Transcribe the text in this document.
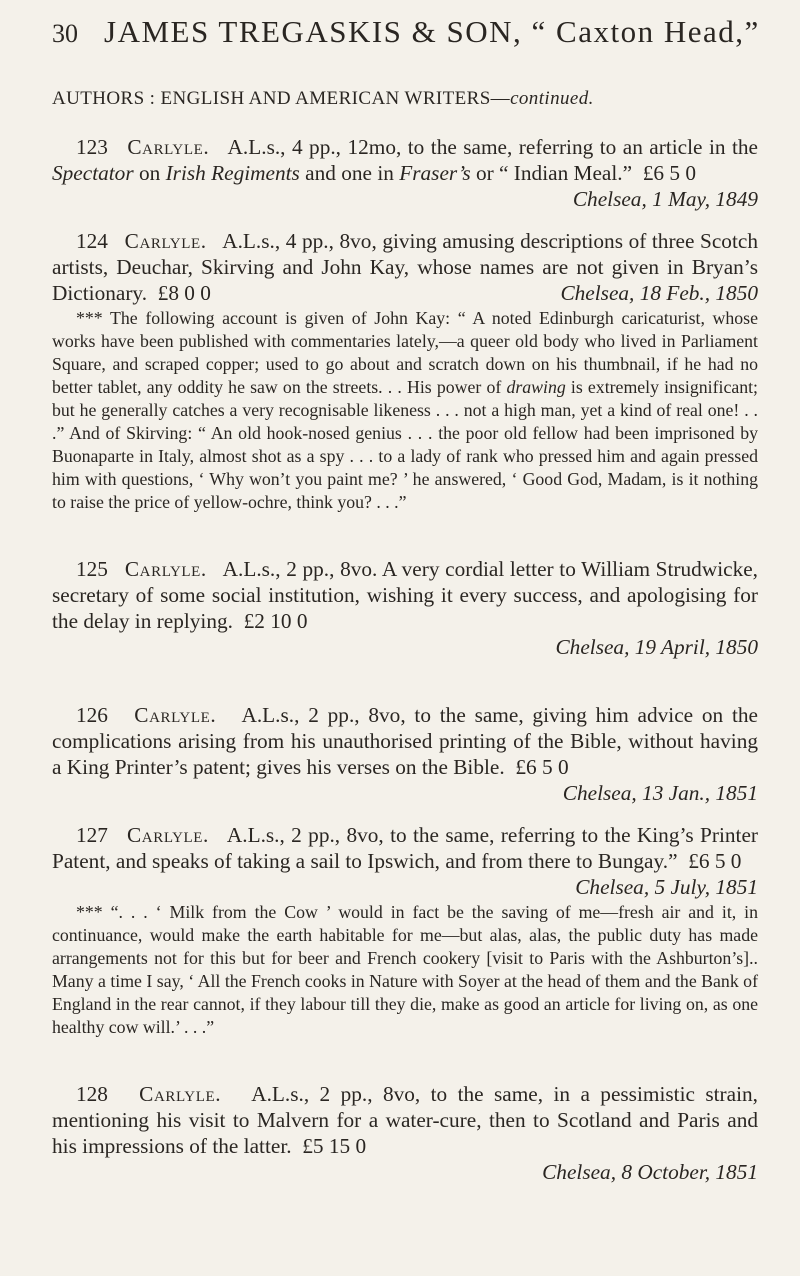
30 JAMES TREGASKIS & SON, “ Caxton Head,”
AUTHORS : ENGLISH AND AMERICAN WRITERS—continued.
123 Carlyle. A.L.s., 4 pp., 12mo, to the same, referring to an article in the Spectator on Irish Regiments and one in Fraser’s or “ Indian Meal.” £6 5 0
Chelsea, 1 May, 1849
124 Carlyle. A.L.s., 4 pp., 8vo, giving amusing descriptions of three Scotch artists, Deuchar, Skirving and John Kay, whose names are not given in Bryan’s Dictionary. £8 0 0	Chelsea, 18 Feb., 1850
*** The following account is given of John Kay: “ A noted Edinburgh caricaturist, whose works have been published with commentaries lately,—a queer old body who lived in Parliament Square, and scraped copper; used to go about and scratch down on his thumbnail, if he had no better tablet, any oddity he saw on the streets. . . His power of drawing is extremely insignificant; but he generally catches a very recognisable likeness . . . not a high man, yet a kind of real one! . . .” And of Skirving: “ An old hook-nosed genius . . . the poor old fellow had been imprisoned by Buonaparte in Italy, almost shot as a spy . . . to a lady of rank who pressed him and again pressed him with questions, ‘ Why won’t you paint me? ’ he answered, ‘ Good God, Madam, is it nothing to raise the price of yellow-ochre, think you? . . .”
125 Carlyle. A.L.s., 2 pp., 8vo. A very cordial letter to William Strudwicke, secretary of some social institution, wishing it every success, and apologising for the delay in replying. £2 10 0
Chelsea, 19 April, 1850
126 Carlyle. A.L.s., 2 pp., 8vo, to the same, giving him advice on the complications arising from his unauthorised printing of the Bible, without having a King Printer’s patent; gives his verses on the Bible. £6 5 0
Chelsea, 13 Jan., 1851
127 Carlyle. A.L.s., 2 pp., 8vo, to the same, referring to the King’s Printer Patent, and speaks of taking a sail to Ipswich, and from there to Bungay.” £6 5 0
Chelsea, 5 July, 1851
*** “. . . ‘ Milk from the Cow ’ would in fact be the saving of me—fresh air and it, in continuance, would make the earth habitable for me—but alas, alas, the public duty has made arrangements not for this but for beer and French cookery [visit to Paris with the Ashburton’s].. Many a time I say, ‘ All the French cooks in Nature with Soyer at the head of them and the Bank of England in the rear cannot, if they labour till they die, make as good an article for living on, as one healthy cow will.’ . . .”
128 Carlyle. A.L.s., 2 pp., 8vo, to the same, in a pessimistic strain, mentioning his visit to Malvern for a water-cure, then to Scotland and Paris and his impressions of the latter. £5 15 0
Chelsea, 8 October, 1851
